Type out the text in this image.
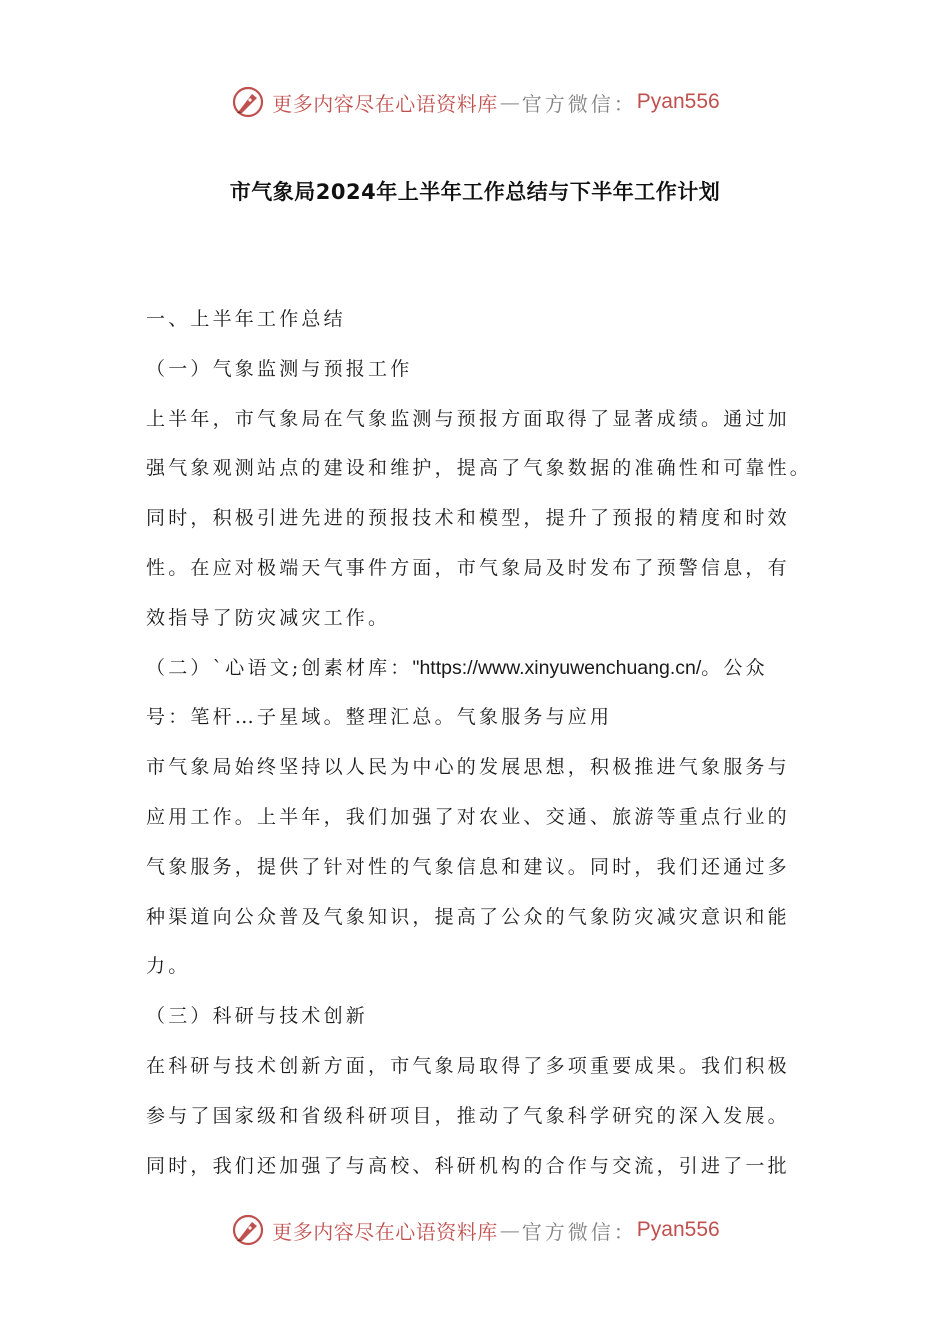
更多内容尽在心语资料库 — 官方微信： Pyan556
市气象局2024年上半年工作总结与下半年工作计划
一、上半年工作总结
（一）气象监测与预报工作
上半年，市气象局在气象监测与预报方面取得了显著成绩。通过加
强气象观测站点的建设和维护，提高了气象数据的准确性和可靠性。
同时，积极引进先进的预报技术和模型，提升了预报的精度和时效
性。在应对极端天气事件方面，市气象局及时发布了预警信息，有
效指导了防灾减灾工作。
（二）`心语文;创素材库："https://www.xinyuwenchuang.cn/。公众
号：笔杆…子星域。整理汇总。气象服务与应用
市气象局始终坚持以人民为中心的发展思想，积极推进气象服务与
应用工作。上半年，我们加强了对农业、交通、旅游等重点行业的
气象服务，提供了针对性的气象信息和建议。同时，我们还通过多
种渠道向公众普及气象知识，提高了公众的气象防灾减灾意识和能
力。
（三）科研与技术创新
在科研与技术创新方面，市气象局取得了多项重要成果。我们积极
参与了国家级和省级科研项目，推动了气象科学研究的深入发展。
同时，我们还加强了与高校、科研机构的合作与交流，引进了一批
更多内容尽在心语资料库 — 官方微信： Pyan556
